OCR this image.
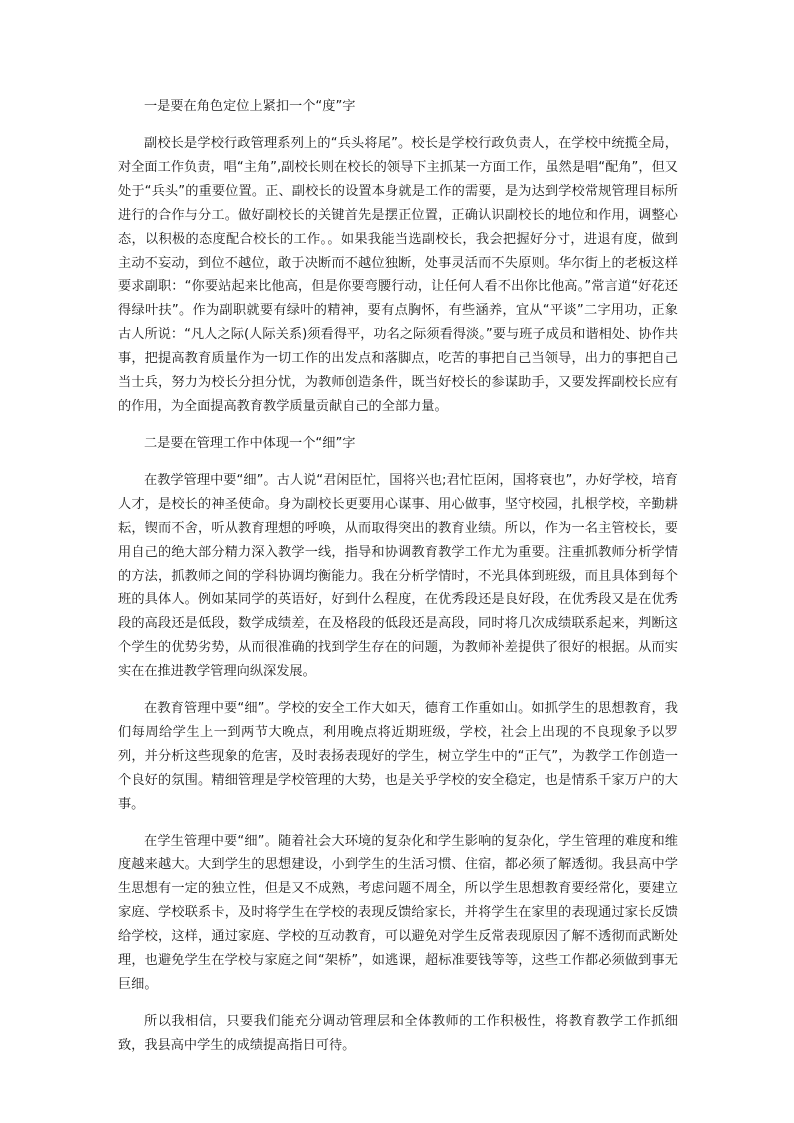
一是要在角色定位上紧扣一个“度”字

副校长是学校行政管理系列上的“兵头将尾”。校长是学校行政负责人，在学校中统揽全局，对全面工作负责，唱“主角”,副校长则在校长的领导下主抓某一方面工作，虽然是唱“配角”，但又处于“兵头”的重要位置。正、副校长的设置本身就是工作的需要，是为达到学校常规管理目标所进行的合作与分工。做好副校长的关键首先是摆正位置，正确认识副校长的地位和作用，调整心态，以积极的态度配合校长的工作。。如果我能当选副校长，我会把握好分寸，进退有度，做到主动不妄动，到位不越位，敢于决断而不越位独断，处事灵活而不失原则。华尔街上的老板这样要求副职：“你要站起来比他高，但是你要弯腰行动，让任何人看不出你比他高。”常言道“好花还得绿叶扶”。作为副职就要有绿叶的精神，要有点胸怀，有些涵养，宜从“平谈”二字用功，正象古人所说：“凡人之际(人际关系)须看得平，功名之际须看得淡。”要与班子成员和谐相处、协作共事，把提高教育质量作为一切工作的出发点和落脚点，吃苦的事把自己当领导，出力的事把自己当士兵，努力为校长分担分忧，为教师创造条件，既当好校长的参谋助手，又要发挥副校长应有的作用，为全面提高教育教学质量贡献自己的全部力量。

二是要在管理工作中体现一个“细”字

在教学管理中要“细”。古人说“君闲臣忙，国将兴也;君忙臣闲，国将衰也”，办好学校，培育人才，是校长的神圣使命。身为副校长更要用心谋事、用心做事，坚守校园，扎根学校，辛勤耕耘，锲而不舍，听从教育理想的呼唤，从而取得突出的教育业绩。所以，作为一名主管校长，要用自己的绝大部分精力深入教学一线，指导和协调教育教学工作尤为重要。注重抓教师分析学情的方法，抓教师之间的学科协调均衡能力。我在分析学情时，不光具体到班级，而且具体到每个班的具体人。例如某同学的英语好，好到什么程度，在优秀段还是良好段，在优秀段又是在优秀段的高段还是低段，数学成绩差，在及格段的低段还是高段，同时将几次成绩联系起来，判断这个学生的优势劣势，从而很准确的找到学生存在的问题，为教师补差提供了很好的根据。从而实实在在推进教学管理向纵深发展。

在教育管理中要“细”。学校的安全工作大如天，德育工作重如山。如抓学生的思想教育，我们每周给学生上一到两节大晚点，利用晚点将近期班级，学校，社会上出现的不良现象予以罗列，并分析这些现象的危害，及时表扬表现好的学生，树立学生中的“正气”，为教学工作创造一个良好的氛围。精细管理是学校管理的大势，也是关乎学校的安全稳定，也是情系千家万户的大事。

在学生管理中要“细”。随着社会大环境的复杂化和学生影响的复杂化，学生管理的难度和维度越来越大。大到学生的思想建设，小到学生的生活习惯、住宿，都必须了解透彻。我县高中学生思想有一定的独立性，但是又不成熟，考虑问题不周全，所以学生思想教育要经常化，要建立家庭、学校联系卡，及时将学生在学校的表现反馈给家长，并将学生在家里的表现通过家长反馈给学校，这样，通过家庭、学校的互动教育，可以避免对学生反常表现原因了解不透彻而武断处理，也避免学生在学校与家庭之间“架桥”，如逃课，超标准要钱等等，这些工作都必须做到事无巨细。

所以我相信，只要我们能充分调动管理层和全体教师的工作积极性，将教育教学工作抓细致，我县高中学生的成绩提高指日可待。
